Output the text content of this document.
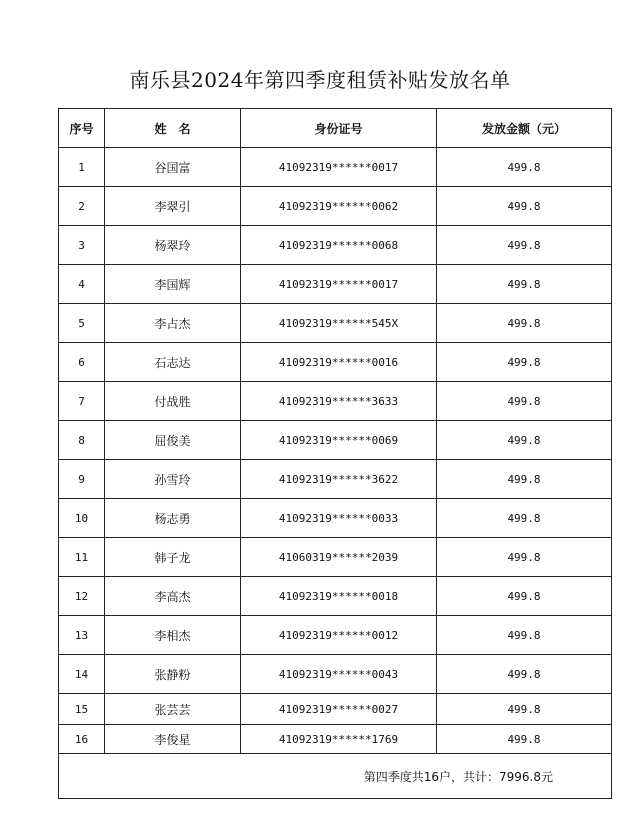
南乐县2024年第四季度租赁补贴发放名单
序号	姓　名	身份证号	发放金额（元）
1	谷国富	41092319******0017	499.8
2	李翠引	41092319******0062	499.8
3	杨翠玲	41092319******0068	499.8
4	李国辉	41092319******0017	499.8
5	李占杰	41092319******545X	499.8
6	石志达	41092319******0016	499.8
7	付战胜	41092319******3633	499.8
8	屈俊美	41092319******0069	499.8
9	孙雪玲	41092319******3622	499.8
10	杨志勇	41092319******0033	499.8
11	韩子龙	41060319******2039	499.8
12	李高杰	41092319******0018	499.8
13	李相杰	41092319******0012	499.8
14	张静粉	41092319******0043	499.8
15	张芸芸	41092319******0027	499.8
16	李俊星	41092319******1769	499.8
第四季度共16户，共计：7996.8元			
